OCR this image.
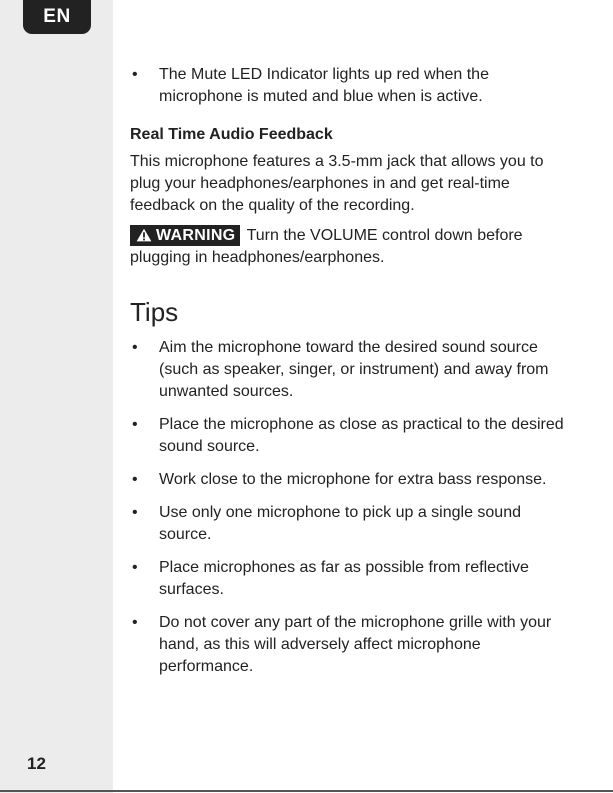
EN
12
• The Mute LED Indicator lights up red when the microphone is muted and blue when is active.
Real Time Audio Feedback

This microphone features a 3.5-mm jack that allows you to plug your headphones/earphones in and get real-time feedback on the quality of the recording.

WARNING Turn the VOLUME control down before plugging in headphones/earphones.

Tips
• Aim the microphone toward the desired sound source (such as speaker, singer, or instrument) and away from unwanted sources.
• Place the microphone as close as practical to the desired sound source.
• Work close to the microphone for extra bass response.
• Use only one microphone to pick up a single sound source.
• Place microphones as far as possible from reflective surfaces.
• Do not cover any part of the microphone grille with your hand, as this will adversely affect microphone performance.
